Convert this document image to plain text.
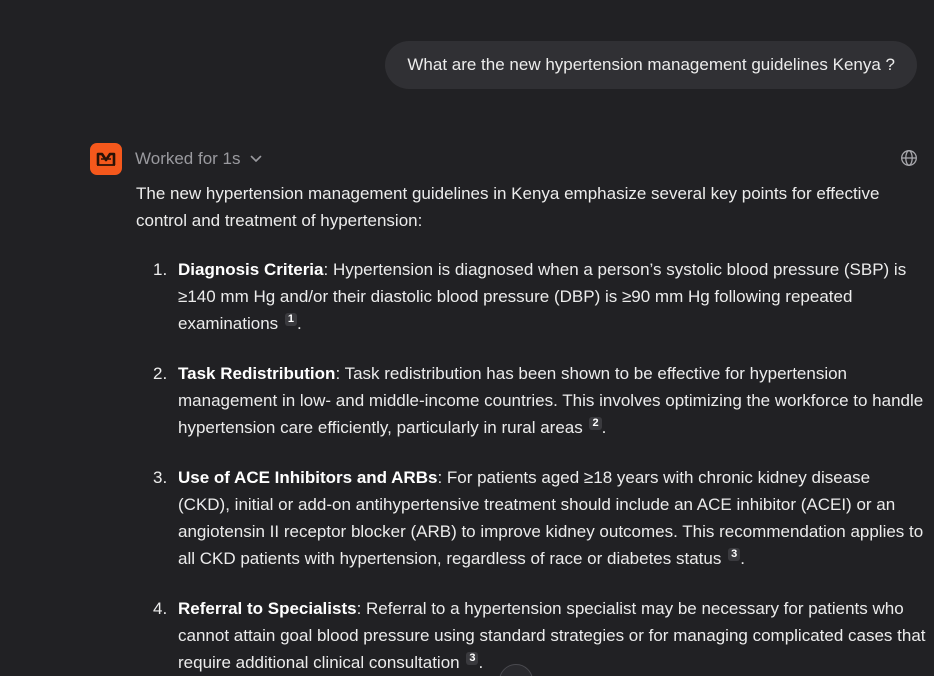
What are the new hypertension management guidelines Kenya ?
Worked for 1s
The new hypertension management guidelines in Kenya emphasize several key points for effective control and treatment of hypertension:
1. Diagnosis Criteria: Hypertension is diagnosed when a person’s systolic blood pressure (SBP) is ≥140 mm Hg and/or their diastolic blood pressure (DBP) is ≥90 mm Hg following repeated examinations 1 .
2. Task Redistribution: Task redistribution has been shown to be effective for hypertension management in low- and middle-income countries. This involves optimizing the workforce to handle hypertension care efficiently, particularly in rural areas 2 .
3. Use of ACE Inhibitors and ARBs: For patients aged ≥18 years with chronic kidney disease (CKD), initial or add-on antihypertensive treatment should include an ACE inhibitor (ACEI) or an angiotensin II receptor blocker (ARB) to improve kidney outcomes. This recommendation applies to all CKD patients with hypertension, regardless of race or diabetes status 3 .
4. Referral to Specialists: Referral to a hypertension specialist may be necessary for patients who cannot attain goal blood pressure using standard strategies or for managing complicated cases that require additional clinical consultation 3 .
